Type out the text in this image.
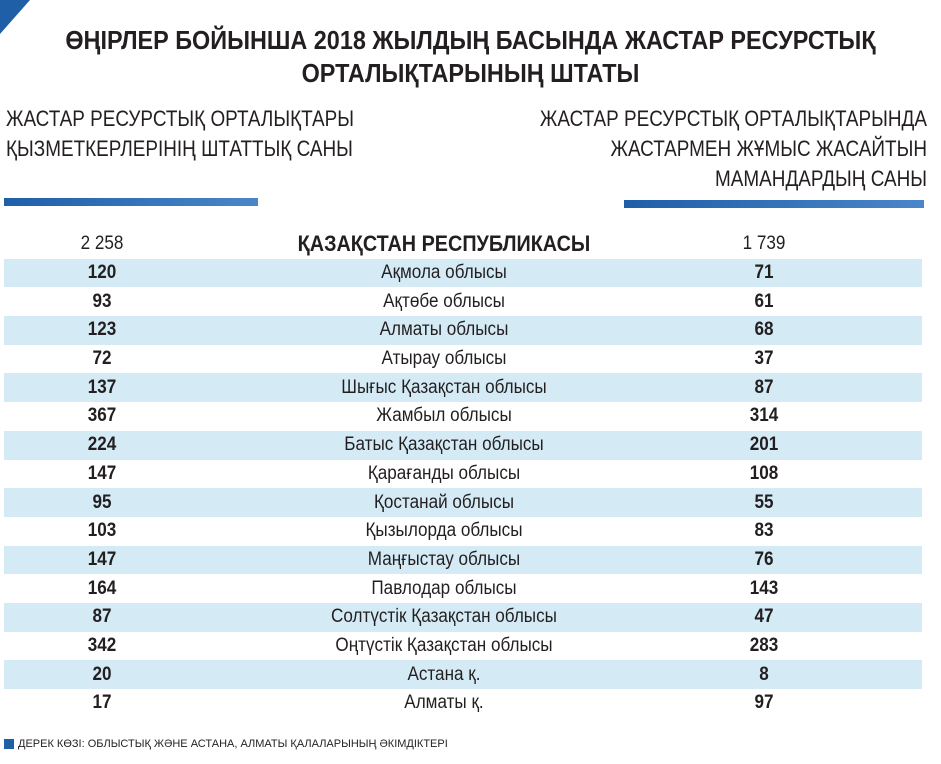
ӨҢІРЛЕР БОЙЫНША 2018 ЖЫЛДЫҢ БАСЫНДА ЖАСТАР РЕСУРСТЫҚ
ОРТАЛЫҚТАРЫНЫҢ ШТАТЫ
ЖАСТАР РЕСУРСТЫҚ ОРТАЛЫҚТАРЫ
ҚЫЗМЕТКЕРЛЕРІНІҢ ШТАТТЫҚ САНЫ
ЖАСТАР РЕСУРСТЫҚ ОРТАЛЫҚТАРЫНДА
ЖАСТАРМЕН ЖҰМЫС ЖАСАЙТЫН
МАМАНДАРДЫҢ САНЫ
2 258	ҚАЗАҚСТАН РЕСПУБЛИКАСЫ	1 739
120	Ақмола облысы	71
93	Ақтөбе облысы	61
123	Алматы облысы	68
72	Атырау облысы	37
137	Шығыс Қазақстан облысы	87
367	Жамбыл облысы	314
224	Батыс Қазақстан облысы	201
147	Қарағанды облысы	108
95	Қостанай облысы	55
103	Қызылорда облысы	83
147	Маңғыстау облысы	76
164	Павлодар облысы	143
87	Солтүстік Қазақстан облысы	47
342	Оңтүстік Қазақстан облысы	283
20	Астана қ.	8
17	Алматы қ.	97
ДЕРЕК КӨЗІ: ОБЛЫСТЫҚ ЖӘНЕ АСТАНА, АЛМАТЫ ҚАЛАЛАРЫНЫҢ ӘКІМДІКТЕРІ
